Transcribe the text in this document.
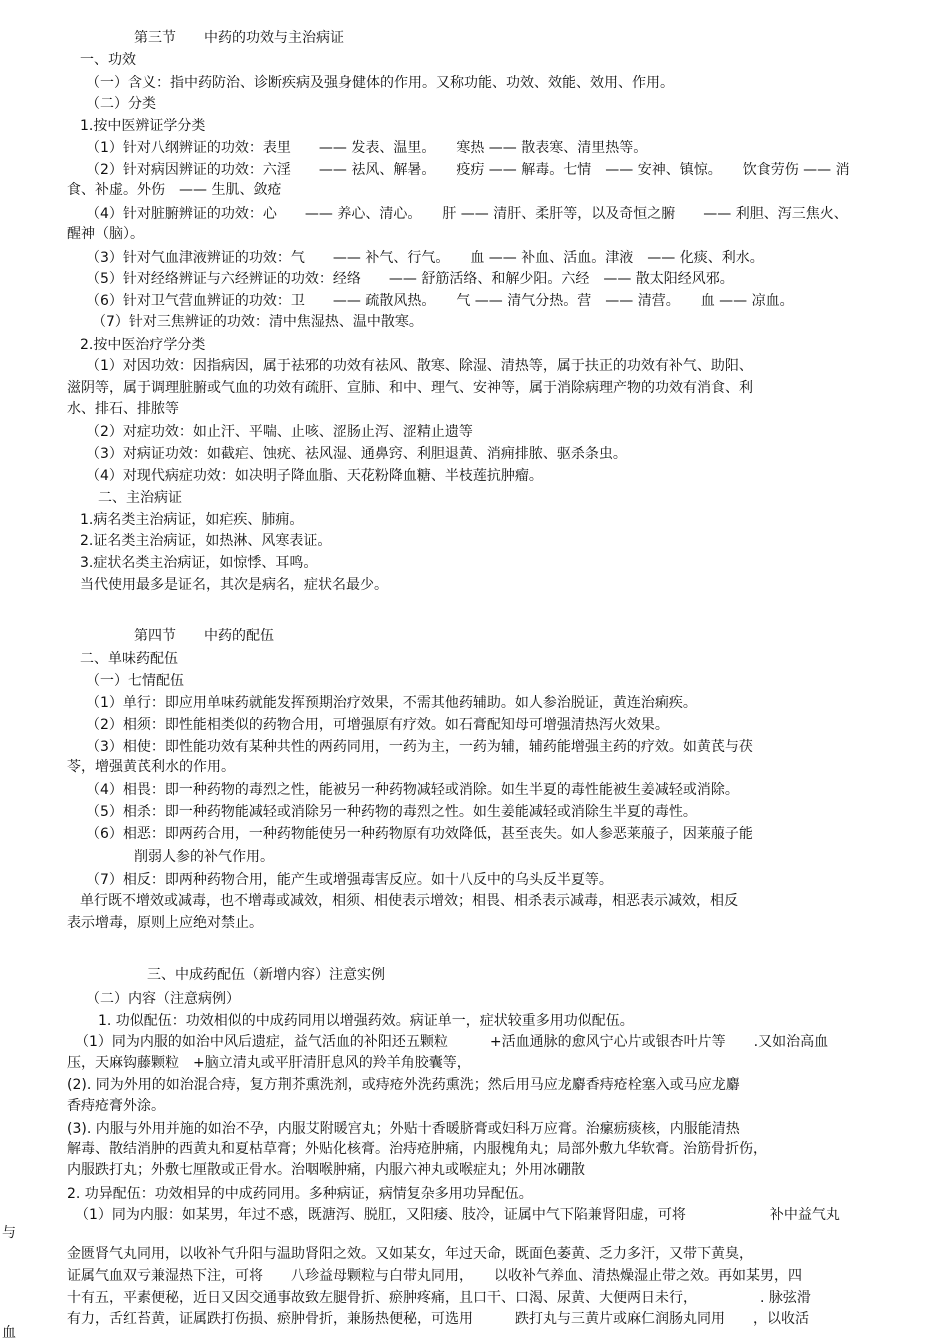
第三节　　中药的功效与主治病证
一、功效
（一）含义：指中药防治、诊断疾病及强身健体的作用。又称功能、功效、效能、效用、作用。
（二）分类
1.按中医辨证学分类
（1）针对八纲辨证的功效：表里　　—— 发表、温里。　　寒热 —— 散表寒、清里热等。
（2）针对病因辨证的功效：六淫　　—— 祛风、解暑。　　疫疠 —— 解毒。七情　—— 安神、镇惊。　　饮食劳伤 —— 消
食、补虚。外伤　—— 生肌、敛疮
（4）针对脏腑辨证的功效：心　　—— 养心、清心。　　肝 —— 清肝、柔肝等，以及奇恒之腑　　—— 利胆、泻三焦火、
醒神（脑）。
（3）针对气血津液辨证的功效：气　　—— 补气、行气。　　血 —— 补血、活血。津液　—— 化痰、利水。
（5）针对经络辨证与六经辨证的功效：经络　　—— 舒筋活络、和解少阳。六经　—— 散太阳经风邪。
（6）针对卫气营血辨证的功效：卫　　—— 疏散风热。　　气 —— 清气分热。营　—— 清营。　　血 —— 凉血。
（7）针对三焦辨证的功效：清中焦湿热、温中散寒。
2.按中医治疗学分类
（1）对因功效：因指病因，属于祛邪的功效有祛风、散寒、除湿、清热等，属于扶正的功效有补气、助阳、
滋阴等，属于调理脏腑或气血的功效有疏肝、宣肺、和中、理气、安神等，属于消除病理产物的功效有消食、利
水、排石、排脓等
（2）对症功效：如止汗、平喘、止咳、涩肠止泻、涩精止遗等
（3）对病证功效：如截疟、蚀疣、祛风湿、通鼻窍、利胆退黄、消痈排脓、驱杀条虫。
（4）对现代病症功效：如决明子降血脂、天花粉降血糖、半枝莲抗肿瘤。
二、主治病证
1.病名类主治病证，如疟疾、肺痈。
2.证名类主治病证，如热淋、风寒表证。
3.症状名类主治病证，如惊悸、耳鸣。
当代使用最多是证名，其次是病名，症状名最少。
第四节　　中药的配伍
二、单味药配伍
（一）七情配伍
（1）单行：即应用单味药就能发挥预期治疗效果，不需其他药辅助。如人参治脱证，黄连治痢疾。
（2）相须：即性能相类似的药物合用，可增强原有疗效。如石膏配知母可增强清热泻火效果。
（3）相使：即性能功效有某种共性的两药同用，一药为主，一药为辅，辅药能增强主药的疗效。如黄芪与茯
苓，增强黄芪利水的作用。
（4）相畏：即一种药物的毒烈之性，能被另一种药物减轻或消除。如生半夏的毒性能被生姜减轻或消除。
（5）相杀：即一种药物能减轻或消除另一种药物的毒烈之性。如生姜能减轻或消除生半夏的毒性。
（6）相恶：即两药合用，一种药物能使另一种药物原有功效降低，甚至丧失。如人参恶莱菔子，因莱菔子能
削弱人参的补气作用。
（7）相反：即两种药物合用，能产生或增强毒害反应。如十八反中的乌头反半夏等。
单行既不增效或减毒，也不增毒或减效，相须、相使表示增效；相畏、相杀表示减毒，相恶表示减效，相反
表示增毒，原则上应绝对禁止。
三、中成药配伍（新增内容）注意实例
（二）内容（注意病例）
1. 功似配伍：功效相似的中成药同用以增强药效。病证单一，症状较重多用功似配伍。
（1）同为内服的如治中风后遗症，益气活血的补阳还五颗粒　　　+活血通脉的愈风宁心片或银杏叶片等　　.又如治高血
压，天麻钩藤颗粒　+脑立清丸或平肝清肝息风的羚羊角胶囊等，
(2). 同为外用的如治混合痔，复方荆芥熏洗剂，或痔疮外洗药熏洗；然后用马应龙麝香痔疮栓塞入或马应龙麝
香痔疮膏外涂。
(3). 内服与外用并施的如治不孕，内服艾附暖宫丸；外贴十香暖脐膏或妇科万应膏。治瘰疬痰核，内服能清热
解毒、散结消肿的西黄丸和夏枯草膏；外贴化核膏。治痔疮肿痛，内服槐角丸；局部外敷九华软膏。治筋骨折伤，
内服跌打丸；外敷七厘散或正骨水。治咽喉肿痛，内服六神丸或喉症丸；外用冰硼散
2. 功异配伍：功效相异的中成药同用。多种病证，病情复杂多用功异配伍。
（1）同为内服：如某男，年过不惑，既溏泻、脱肛，又阳痿、肢冷，证属中气下陷兼肾阳虚，可将　　　　　　补中益气丸
与
金匮肾气丸同用，以收补气升阳与温助肾阳之效。又如某女，年过天命，既面色萎黄、乏力多汗，又带下黄臭，
证属气血双亏兼湿热下注，可将　　八珍益母颗粒与白带丸同用，　　以收补气养血、清热燥湿止带之效。再如某男，四
十有五，平素便秘，近日又因交通事故致左腿骨折、瘀肿疼痛，且口干、口渴、尿黄、大便两日未行，　　　　　. 脉弦滑
有力，舌红苔黄，证属跌打伤损、瘀肿骨折，兼肠热便秘，可选用　　　跌打丸与三黄片或麻仁润肠丸同用　　，以收活
血
